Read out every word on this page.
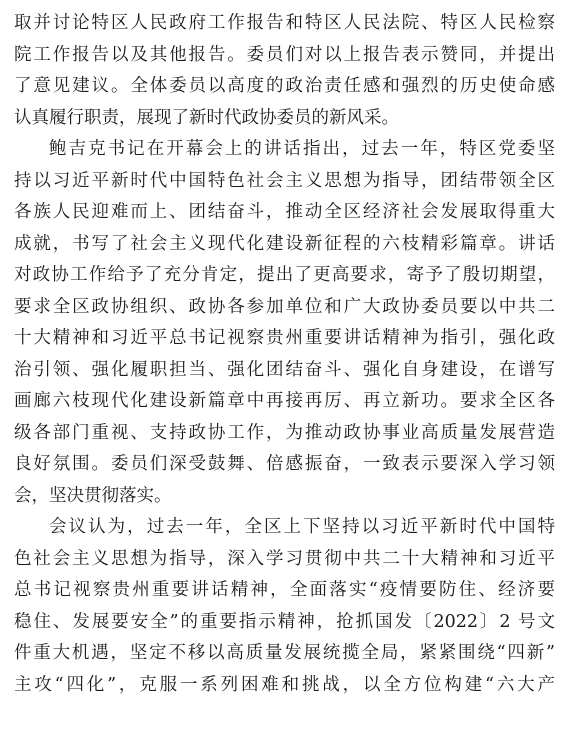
取并讨论特区人民政府工作报告和特区人民法院、特区人民检察
院工作报告以及其他报告。委员们对以上报告表示赞同，并提出
了意见建议。全体委员以高度的政治责任感和强烈的历史使命感
认真履行职责，展现了新时代政协委员的新风采。
鲍吉克书记在开幕会上的讲话指出，过去一年，特区党委坚
持以习近平新时代中国特色社会主义思想为指导，团结带领全区
各族人民迎难而上、团结奋斗，推动全区经济社会发展取得重大
成就，书写了社会主义现代化建设新征程的六枝精彩篇章。讲话
对政协工作给予了充分肯定，提出了更高要求，寄予了殷切期望，
要求全区政协组织、政协各参加单位和广大政协委员要以中共二
十大精神和习近平总书记视察贵州重要讲话精神为指引，强化政
治引领、强化履职担当、强化团结奋斗、强化自身建设，在谱写
画廊六枝现代化建设新篇章中再接再厉、再立新功。要求全区各
级各部门重视、支持政协工作，为推动政协事业高质量发展营造
良好氛围。委员们深受鼓舞、倍感振奋，一致表示要深入学习领
会，坚决贯彻落实。
会议认为，过去一年，全区上下坚持以习近平新时代中国特
色社会主义思想为指导，深入学习贯彻中共二十大精神和习近平
总书记视察贵州重要讲话精神，全面落实“疫情要防住、经济要
稳住、发展要安全”的重要指示精神，抢抓国发〔2022〕2 号文
件重大机遇，坚定不移以高质量发展统揽全局，紧紧围绕“四新”
主攻“四化”，克服一系列困难和挑战，以全方位构建“六大产
